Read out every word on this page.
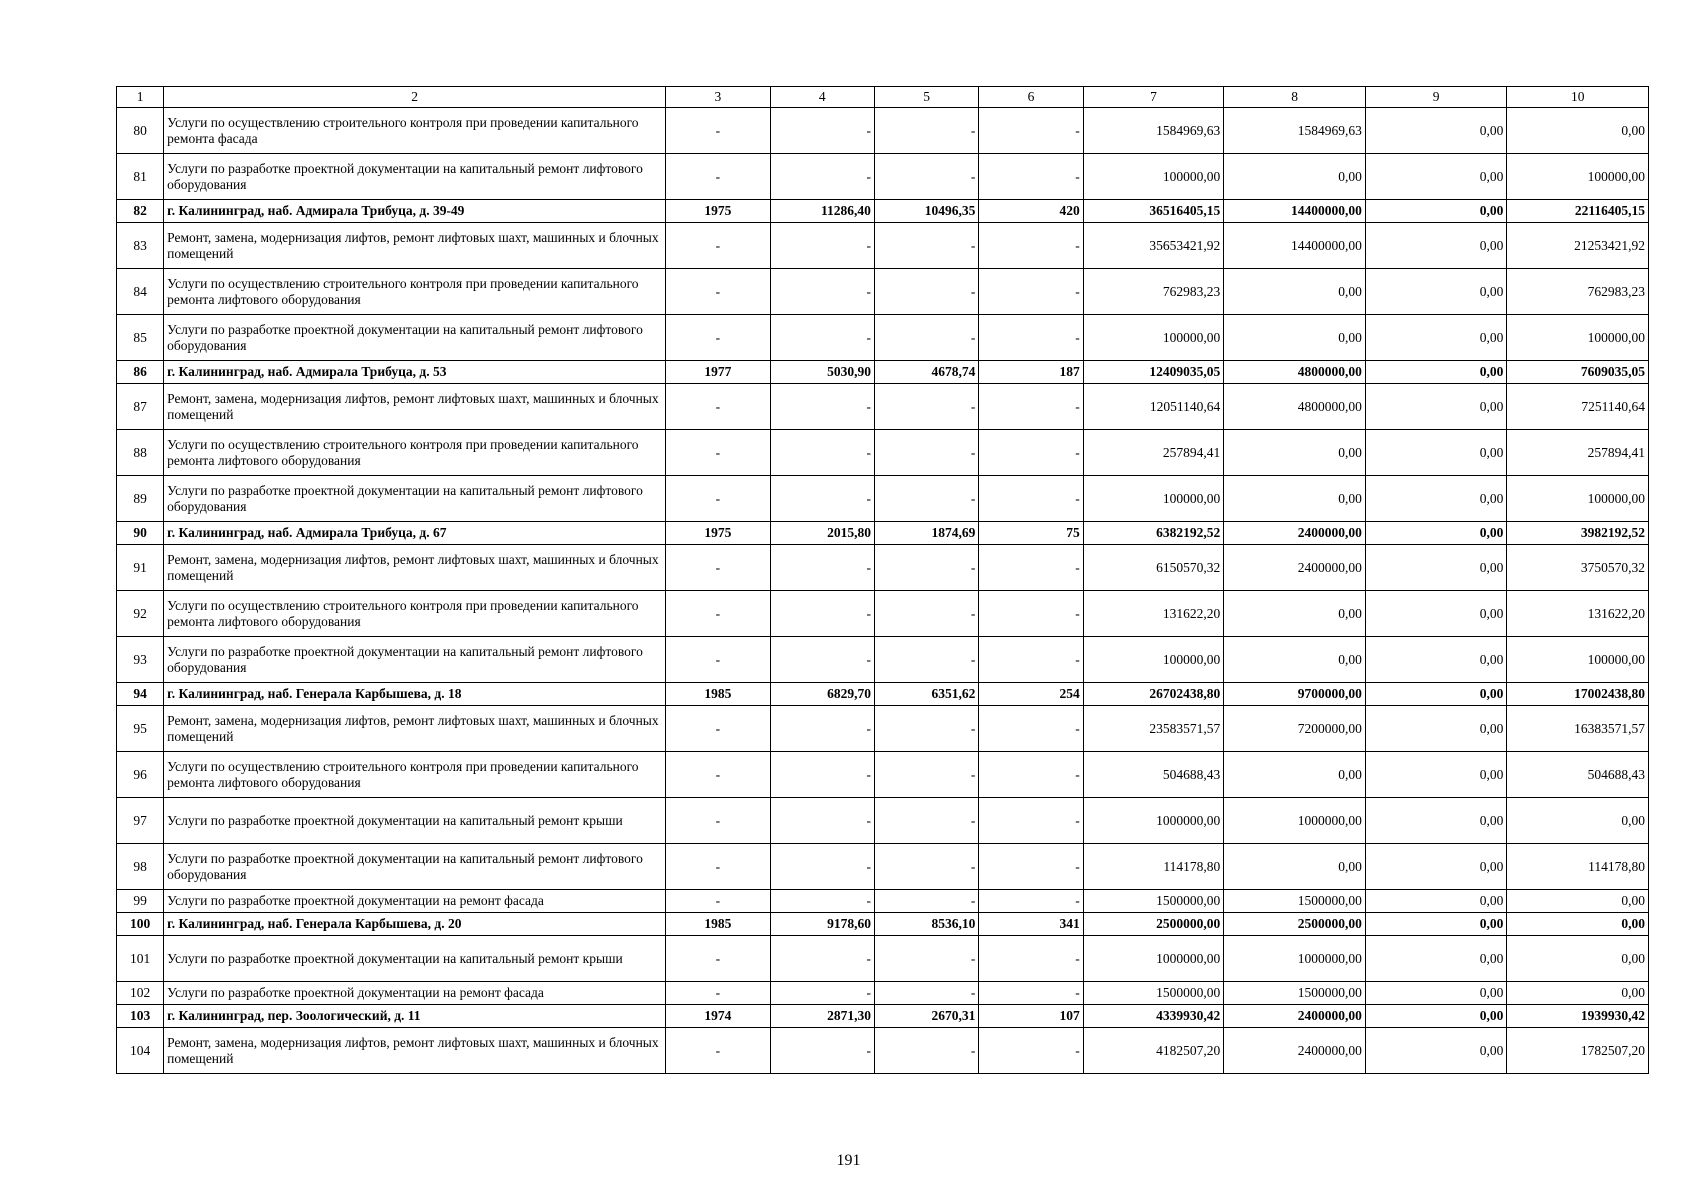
1	2	3	4	5	6	7	8	9	10
80	Услуги по осуществлению строительного контроля при проведении капитального ремонта фасада	-	-	-	-	1584969,63	1584969,63	0,00	0,00
81	Услуги по разработке проектной документации на капитальный ремонт лифтового оборудования	-	-	-	-	100000,00	0,00	0,00	100000,00
82	г. Калининград, наб. Адмирала Трибуца, д. 39-49	1975	11286,40	10496,35	420	36516405,15	14400000,00	0,00	22116405,15
83	Ремонт, замена, модернизация лифтов, ремонт лифтовых шахт, машинных и блочных помещений	-	-	-	-	35653421,92	14400000,00	0,00	21253421,92
84	Услуги по осуществлению строительного контроля при проведении капитального ремонта лифтового оборудования	-	-	-	-	762983,23	0,00	0,00	762983,23
85	Услуги по разработке проектной документации на капитальный ремонт лифтового оборудования	-	-	-	-	100000,00	0,00	0,00	100000,00
86	г. Калининград, наб. Адмирала Трибуца, д. 53	1977	5030,90	4678,74	187	12409035,05	4800000,00	0,00	7609035,05
87	Ремонт, замена, модернизация лифтов, ремонт лифтовых шахт, машинных и блочных помещений	-	-	-	-	12051140,64	4800000,00	0,00	7251140,64
88	Услуги по осуществлению строительного контроля при проведении капитального ремонта лифтового оборудования	-	-	-	-	257894,41	0,00	0,00	257894,41
89	Услуги по разработке проектной документации на капитальный ремонт лифтового оборудования	-	-	-	-	100000,00	0,00	0,00	100000,00
90	г. Калининград, наб. Адмирала Трибуца, д. 67	1975	2015,80	1874,69	75	6382192,52	2400000,00	0,00	3982192,52
91	Ремонт, замена, модернизация лифтов, ремонт лифтовых шахт, машинных и блочных помещений	-	-	-	-	6150570,32	2400000,00	0,00	3750570,32
92	Услуги по осуществлению строительного контроля при проведении капитального ремонта лифтового оборудования	-	-	-	-	131622,20	0,00	0,00	131622,20
93	Услуги по разработке проектной документации на капитальный ремонт лифтового оборудования	-	-	-	-	100000,00	0,00	0,00	100000,00
94	г. Калининград, наб. Генерала Карбышева, д. 18	1985	6829,70	6351,62	254	26702438,80	9700000,00	0,00	17002438,80
95	Ремонт, замена, модернизация лифтов, ремонт лифтовых шахт, машинных и блочных помещений	-	-	-	-	23583571,57	7200000,00	0,00	16383571,57
96	Услуги по осуществлению строительного контроля при проведении капитального ремонта лифтового оборудования	-	-	-	-	504688,43	0,00	0,00	504688,43
97	Услуги по разработке проектной документации на капитальный ремонт крыши	-	-	-	-	1000000,00	1000000,00	0,00	0,00
98	Услуги по разработке проектной документации на капитальный ремонт лифтового оборудования	-	-	-	-	114178,80	0,00	0,00	114178,80
99	Услуги по разработке проектной документации на ремонт фасада	-	-	-	-	1500000,00	1500000,00	0,00	0,00
100	г. Калининград, наб. Генерала Карбышева, д. 20	1985	9178,60	8536,10	341	2500000,00	2500000,00	0,00	0,00
101	Услуги по разработке проектной документации на капитальный ремонт крыши	-	-	-	-	1000000,00	1000000,00	0,00	0,00
102	Услуги по разработке проектной документации на ремонт фасада	-	-	-	-	1500000,00	1500000,00	0,00	0,00
103	г. Калининград, пер. Зоологический, д. 11	1974	2871,30	2670,31	107	4339930,42	2400000,00	0,00	1939930,42
104	Ремонт, замена, модернизация лифтов, ремонт лифтовых шахт, машинных и блочных помещений	-	-	-	-	4182507,20	2400000,00	0,00	1782507,20
191
